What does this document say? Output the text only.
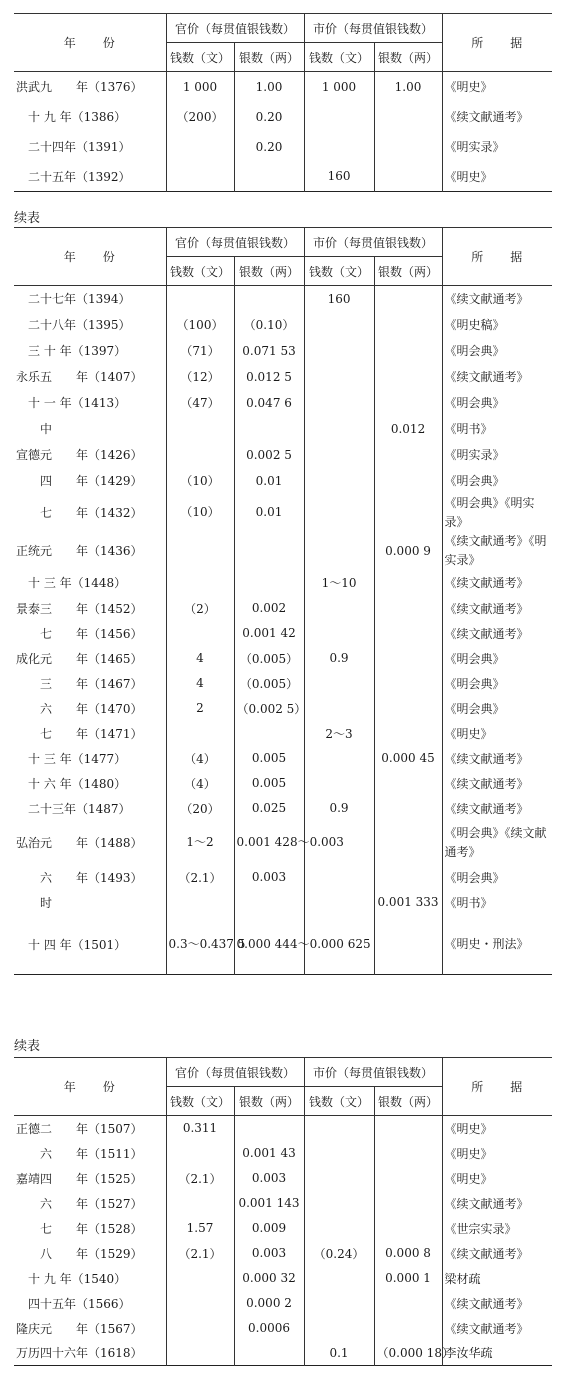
年　　份	官价（每贯值银钱数）		市价（每贯值银钱数）		所　　据
	钱数（文）	银数（两）	钱数（文）	银数（两）	
洪武九　　年（1376）	1 000	1.00	1 000	1.00	《明史》
　十 九 年（1386）	（200）	0.20			《续文献通考》
　二十四年（1391）		0.20			《明实录》
　二十五年（1392）			160		《明史》
续表
年　　份	官价（每贯值银钱数）		市价（每贯值银钱数）		所　　据
	钱数（文）	银数（两）	钱数（文）	银数（两）	
　二十七年（1394）			160		《续文献通考》
　二十八年（1395）	（100）	（0.10）			《明史稿》
　三 十 年（1397）	（71）	0.071 53			《明会典》
永乐五　　年（1407）	（12）	0.012 5			《续文献通考》
　十 一 年（1413）	（47）	0.047 6			《明会典》
　　中				0.012	《明书》
宣德元　　年（1426）		0.002 5			《明实录》
　　四　　年（1429）	（10）	0.01			《明会典》
　　七　　年（1432）	（10）	0.01			《明会典》《明实录》
正统元　　年（1436）				0.000 9	《续文献通考》《明实录》
　十 三 年（1448）			1～10		《续文献通考》
景泰三　　年（1452）	（2）	0.002			《续文献通考》
　　七　　年（1456）		0.001 42			《续文献通考》
成化元　　年（1465）	4	（0.005）	0.9		《明会典》
　　三　　年（1467）	4	（0.005）			《明会典》
　　六　　年（1470）	2	（0.002 5）			《明会典》
　　七　　年（1471）			2～3		《明史》
　十 三 年（1477）	（4）	0.005		0.000 45	《续文献通考》
　十 六 年（1480）	（4）	0.005			《续文献通考》
　二十三年（1487）	（20）	0.025	0.9		《续文献通考》
弘治元　　年（1488）	1～2	0.001 428～0.003			《明会典》《续文献通考》
　　六　　年（1493）	（2.1）	0.003			《明会典》
　　时				0.001 333	《明书》
　十 四 年（1501）	0.3～0.437 5	0.000 444～0.000 625			《明史・刑法》
续表
年　　份	官价（每贯值银钱数）		市价（每贯值银钱数）		所　　据
	钱数（文）	银数（两）	钱数（文）	银数（两）	
正德二　　年（1507）	0.311				《明史》
　　六　　年（1511）		0.001 43			《明史》
嘉靖四　　年（1525）	（2.1）	0.003			《明史》
　　六　　年（1527）		0.001 143			《续文献通考》
　　七　　年（1528）	1.57	0.009			《世宗实录》
　　八　　年（1529）	（2.1）	0.003	（0.24）	0.000 8	《续文献通考》
　十 九 年（1540）		0.000 32		0.000 1	梁材疏
　四十五年（1566）		0.000 2			《续文献通考》
隆庆元　　年（1567）		0.0006			《续文献通考》
万历四十六年（1618）			0.1	（0.000 18）	李汝华疏
